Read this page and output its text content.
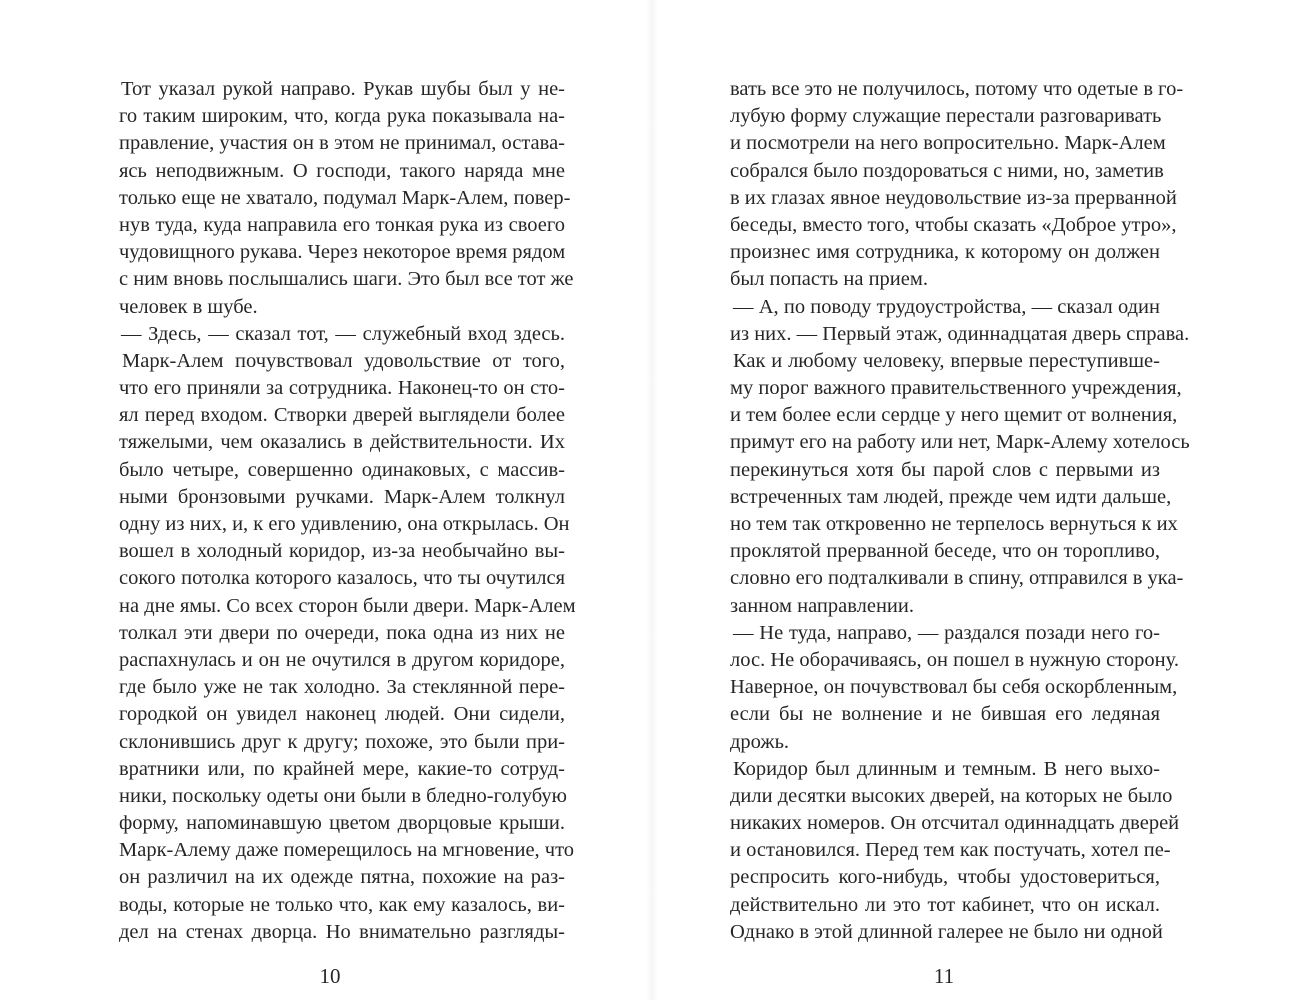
Тот указал рукой направо. Рукав шубы был у не-
го таким широким, что, когда рука показывала на-
правление, участия он в этом не принимал, остава-
ясь неподвижным. О господи, такого наряда мне
только еще не хватало, подумал Марк-Алем, повер-
нув туда, куда направила его тонкая рука из своего
чудовищного рукава. Через некоторое время рядом
с ним вновь послышались шаги. Это был все тот же
человек в шубе.
— Здесь, — сказал тот, — служебный вход здесь.
Марк-Алем почувствовал удовольствие от того,
что его приняли за сотрудника. Наконец-то он сто-
ял перед входом. Створки дверей выглядели более
тяжелыми, чем оказались в действительности. Их
было четыре, совершенно одинаковых, с массив-
ными бронзовыми ручками. Марк-Алем толкнул
одну из них, и, к его удивлению, она открылась. Он
вошел в холодный коридор, из-за необычайно вы-
сокого потолка которого казалось, что ты очутился
на дне ямы. Со всех сторон были двери. Марк-Алем
толкал эти двери по очереди, пока одна из них не
распахнулась и он не очутился в другом коридоре,
где было уже не так холодно. За стеклянной пере-
городкой он увидел наконец людей. Они сидели,
склонившись друг к другу; похоже, это были при-
вратники или, по крайней мере, какие-то сотруд-
ники, поскольку одеты они были в бледно-голубую
форму, напоминавшую цветом дворцовые крыши.
Марк-Алему даже померещилось на мгновение, что
он различил на их одежде пятна, похожие на раз-
воды, которые не только что, как ему казалось, ви-
дел на стенах дворца. Но внимательно разгляды-
10
вать все это не получилось, потому что одетые в го-
лубую форму служащие перестали разговаривать
и посмотрели на него вопросительно. Марк-Алем
собрался было поздороваться с ними, но, заметив
в их глазах явное неудовольствие из-за прерванной
беседы, вместо того, чтобы сказать «Доброе утро»,
произнес имя сотрудника, к которому он должен
был попасть на прием.
— А, по поводу трудоустройства, — сказал один
из них. — Первый этаж, одиннадцатая дверь справа.
Как и любому человеку, впервые переступивше-
му порог важного правительственного учреждения,
и тем более если сердце у него щемит от волнения,
примут его на работу или нет, Марк-Алему хотелось
перекинуться хотя бы парой слов с первыми из
встреченных там людей, прежде чем идти дальше,
но тем так откровенно не терпелось вернуться к их
проклятой прерванной беседе, что он торопливо,
словно его подталкивали в спину, отправился в ука-
занном направлении.
— Не туда, направо, — раздался позади него го-
лос. Не оборачиваясь, он пошел в нужную сторону.
Наверное, он почувствовал бы себя оскорбленным,
если бы не волнение и не бившая его ледяная
дрожь.
Коридор был длинным и темным. В него выхо-
дили десятки высоких дверей, на которых не было
никаких номеров. Он отсчитал одиннадцать дверей
и остановился. Перед тем как постучать, хотел пе-
респросить кого-нибудь, чтобы удостовериться,
действительно ли это тот кабинет, что он искал.
Однако в этой длинной галерее не было ни одной
11
